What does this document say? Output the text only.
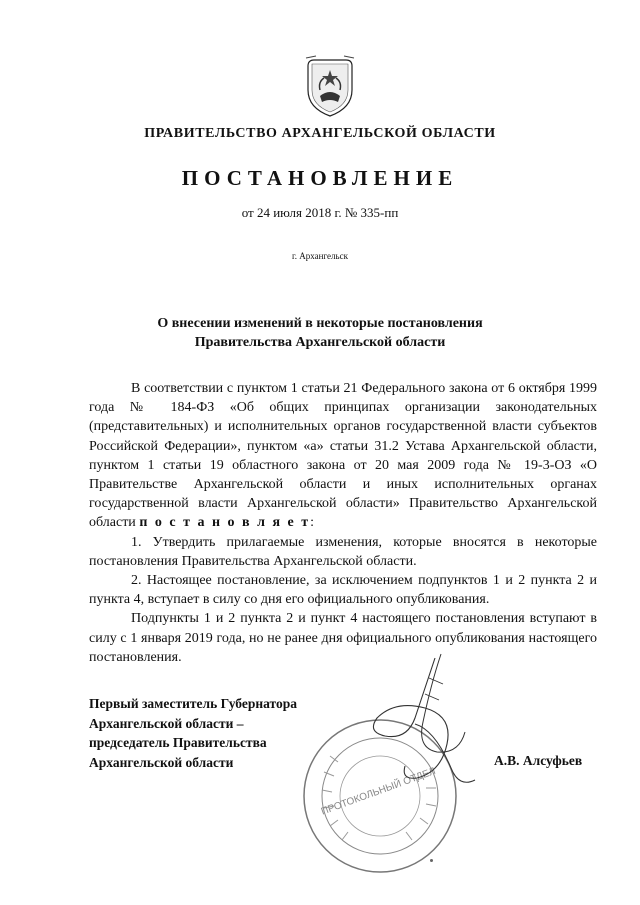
ПРАВИТЕЛЬСТВО АРХАНГЕЛЬСКОЙ ОБЛАСТИ
ПОСТАНОВЛЕНИЕ
от 24 июля 2018 г. № 335-пп
г. Архангельск
О внесении изменений в некоторые постановления
Правительства Архангельской области

В соответствии с пунктом 1 статьи 21 Федерального закона от 6 октября 1999 года № 184-ФЗ «Об общих принципах организации законодательных (представительных) и исполнительных органов государственной власти субъектов Российской Федерации», пунктом «а» статьи 31.2 Устава Архангельской области, пунктом 1 статьи 19 областного закона от 20 мая 2009 года № 19-3-ОЗ «О Правительстве Архангельской области и иных исполнительных органах государственной власти Архангельской области» Правительство Архангельской области п о с т а н о в л я е т:

1. Утвердить прилагаемые изменения, которые вносятся в некоторые постановления Правительства Архангельской области.

2. Настоящее постановление, за исключением подпунктов 1 и 2 пункта 2 и пункта 4, вступает в силу со дня его официального опубликования.

Подпункты 1 и 2 пункта 2 и пункт 4 настоящего постановления вступают в силу с 1 января 2019 года, но не ранее дня официального опубликования настоящего постановления.

Первый заместитель Губернатора
Архангельской области –
председатель Правительства
Архангельской области	А.В. Алсуфьев
ПРОТОКОЛЬНЫЙ ОТДЕЛ
